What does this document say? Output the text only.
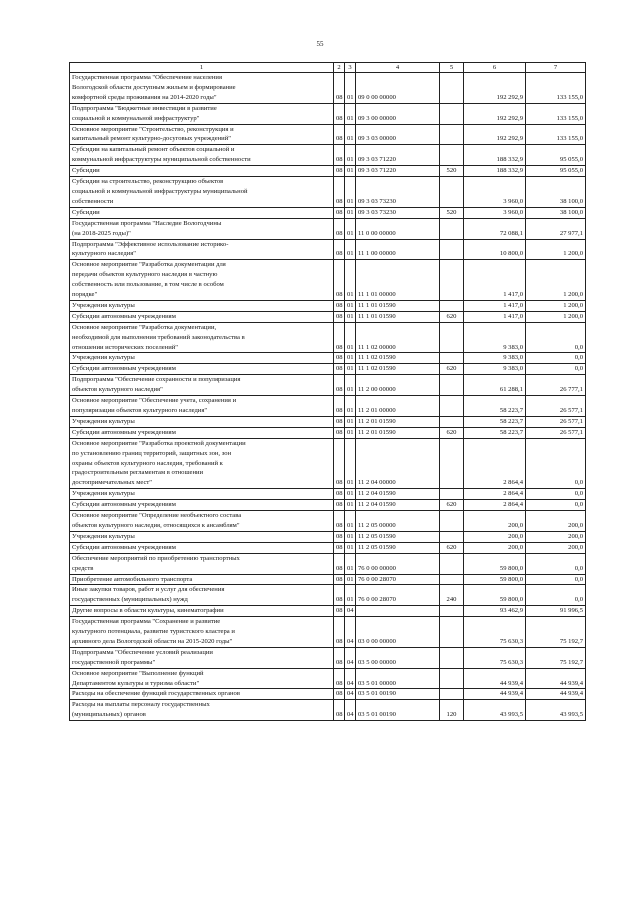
55
1	2	3	4	5	6	7
Государственная программа "Обеспечение населения
Вологодской области доступным жильем и формирование
комфортной среды проживания на 2014-2020 годы"	08	01	09 0 00 00000		192 292,9	133 155,0
Подпрограмма "Бюджетные инвестиции в развитие
социальной и коммунальной инфраструктур"	08	01	09 3 00 00000		192 292,9	133 155,0
Основное мероприятие "Строительство, реконструкция и
капитальный ремонт культурно-досуговых учреждений"	08	01	09 3 03 00000		192 292,9	133 155,0
Субсидии на капитальный ремонт объектов социальной и
коммунальной инфраструктуры муниципальной собственности	08	01	09 3 03 71220		188 332,9	95 055,0
Субсидии	08	01	09 3 03 71220	520	188 332,9	95 055,0
Субсидии на строительство, реконструкцию объектов
социальной и коммунальной инфраструктуры муниципальной
собственности	08	01	09 3 03 73230		3 960,0	38 100,0
Субсидии	08	01	09 3 03 73230	520	3 960,0	38 100,0
Государственная программа "Наследие Вологодчины
(на 2018-2025 годы)"	08	01	11 0 00 00000		72 088,1	27 977,1
Подпрограмма "Эффективное использование историко-
культурного наследия"	08	01	11 1 00 00000		10 800,0	1 200,0
Основное мероприятие "Разработка документации для
передачи объектов культурного наследия в частную
собственность или пользование, в том числе в особом
порядке"	08	01	11 1 01 00000		1 417,0	1 200,0
Учреждения культуры	08	01	11 1 01 01590		1 417,0	1 200,0
Субсидии автономным учреждениям	08	01	11 1 01 01590	620	1 417,0	1 200,0
Основное мероприятие "Разработка документации,
необходимой для выполнения требований законодательства в
отношении исторических поселений"	08	01	11 1 02 00000		9 383,0	0,0
Учреждения культуры	08	01	11 1 02 01590		9 383,0	0,0
Субсидии автономным учреждениям	08	01	11 1 02 01590	620	9 383,0	0,0
Подпрограмма "Обеспечение сохранности и популяризация
объектов культурного наследия"	08	01	11 2 00 00000		61 288,1	26 777,1
Основное мероприятие "Обеспечение учета, сохранения и
популяризации объектов культурного наследия"	08	01	11 2 01 00000		58 223,7	26 577,1
Учреждения культуры	08	01	11 2 01 01590		58 223,7	26 577,1
Субсидии автономным учреждениям	08	01	11 2 01 01590	620	58 223,7	26 577,1
Основное мероприятие "Разработка проектной документации
по установлению границ территорий, защитных зон, зон
охраны объектов культурного наследия, требований к
градостроительным регламентам в отношении
достопримечательных мест"	08	01	11 2 04 00000		2 864,4	0,0
Учреждения культуры	08	01	11 2 04 01590		2 864,4	0,0
Субсидии автономным учреждениям	08	01	11 2 04 01590	620	2 864,4	0,0
Основное мероприятие "Определение необъектного состава
объектов культурного наследия, относящихся к ансамблям"	08	01	11 2 05 00000		200,0	200,0
Учреждения культуры	08	01	11 2 05 01590		200,0	200,0
Субсидии автономным учреждениям	08	01	11 2 05 01590	620	200,0	200,0
Обеспечение мероприятий по приобретению транспортных
средств	08	01	76 0 00 00000		59 800,0	0,0
Приобретение автомобильного транспорта	08	01	76 0 00 28070		59 800,0	0,0
Иные закупки товаров, работ и услуг для обеспечения
государственных (муниципальных) нужд	08	01	76 0 00 28070	240	59 800,0	0,0
Другие вопросы в области культуры, кинематографии	08	04			93 462,9	91 996,5
Государственная программа "Сохранение и развитие
культурного потенциала, развитие туристского кластера и
архивного дела Вологодской области на 2015-2020 годы"	08	04	03 0 00 00000		75 630,3	75 192,7
Подпрограмма "Обеспечение условий реализации
государственной программы"	08	04	03 5 00 00000		75 630,3	75 192,7
Основное мероприятие "Выполнение функций
Департаментом культуры и туризма области"	08	04	03 5 01 00000		44 939,4	44 939,4
Расходы на обеспечение функций государственных органов	08	04	03 5 01 00190		44 939,4	44 939,4
Расходы на выплаты персоналу государственных
(муниципальных) органов	08	04	03 5 01 00190	120	43 993,5	43 993,5
